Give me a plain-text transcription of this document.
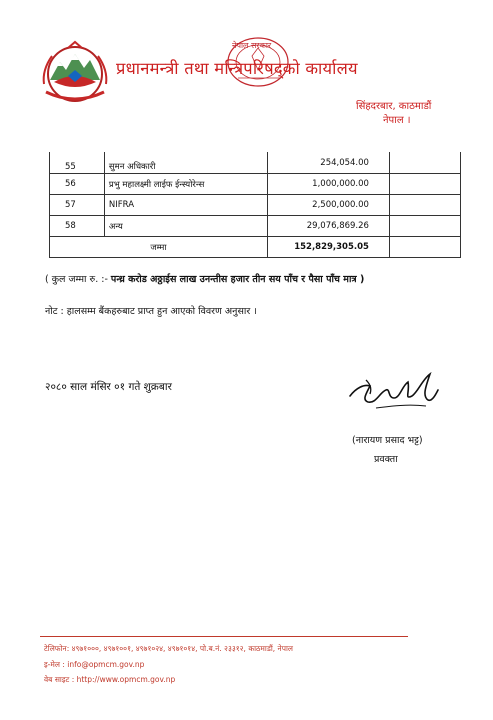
नेपाल सरकार
प्रधानमन्त्री तथा मन्त्रिपरिषद्को कार्यालय
सिंहदरबार, काठमाडौं
नेपाल ।
55	सुमन अधिकारी	254,054.00	
56	प्रभु महालक्ष्मी लाईफ ईन्स्योरेन्स	1,000,000.00	
57	NIFRA	2,500,000.00	
58	अन्य	29,076,869.26	
जम्मा		152,829,305.05	
( कुल जम्मा रु. :- पन्ध्र करोड अठ्ठाईस लाख उनन्तीस हजार तीन सय पाँच र पैसा पाँच मात्र )
नोट : हालसम्म बैंकहरुबाट प्राप्त हुन आएको विवरण अनुसार ।
२०८० साल मंसिर ०१ गते शुक्रबार
(नारायण प्रसाद भट्ट)
प्रवक्ता
टेलिफोन: ४९७१०००, ४९७१००१, ४९७१०२४, ४९७१०१४, पो.ब.नं. २३३१२, काठमाडौं, नेपाल
इ-मेल : info@opmcm.gov.np
वेब साइट : http://www.opmcm.gov.np
